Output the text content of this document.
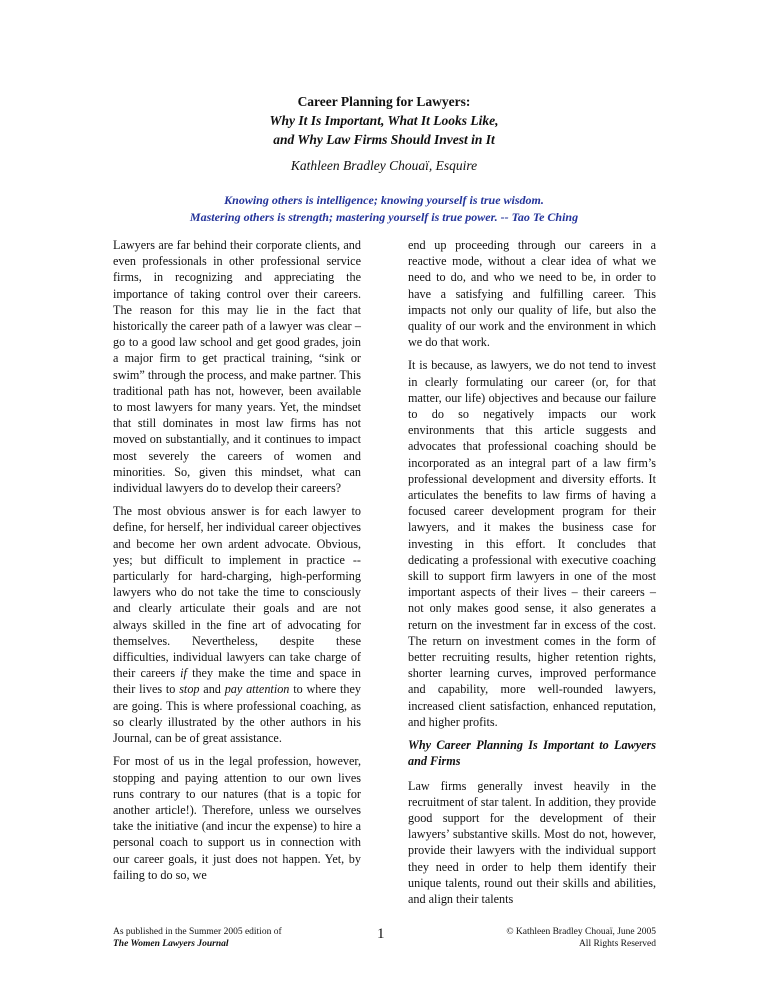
Career Planning for Lawyers:
Why It Is Important, What It Looks Like,
and Why Law Firms Should Invest in It
Kathleen Bradley Chouaï, Esquire
Knowing others is intelligence; knowing yourself is true wisdom.
Mastering others is strength; mastering yourself is true power. -- Tao Te Ching

Lawyers are far behind their corporate clients, and even professionals in other professional service firms, in recognizing and appreciating the importance of taking control over their careers. The reason for this may lie in the fact that historically the career path of a lawyer was clear – go to a good law school and get good grades, join a major firm to get practical training, “sink or swim” through the process, and make partner. This traditional path has not, however, been available to most lawyers for many years. Yet, the mindset that still dominates in most law firms has not moved on substantially, and it continues to impact most severely the careers of women and minorities. So, given this mindset, what can individual lawyers do to develop their careers?

The most obvious answer is for each lawyer to define, for herself, her individual career objectives and become her own ardent advocate. Obvious, yes; but difficult to implement in practice -- particularly for hard-charging, high-performing lawyers who do not take the time to consciously and clearly articulate their goals and are not always skilled in the fine art of advocating for themselves. Nevertheless, despite these difficulties, individual lawyers can take charge of their careers if they make the time and space in their lives to stop and pay attention to where they are going. This is where professional coaching, as so clearly illustrated by the other authors in his Journal, can be of great assistance.

For most of us in the legal profession, however, stopping and paying attention to our own lives runs contrary to our natures (that is a topic for another article!). Therefore, unless we ourselves take the initiative (and incur the expense) to hire a personal coach to support us in connection with our career goals, it just does not happen. Yet, by failing to do so, we

end up proceeding through our careers in a reactive mode, without a clear idea of what we need to do, and who we need to be, in order to have a satisfying and fulfilling career. This impacts not only our quality of life, but also the quality of our work and the environment in which we do that work.

It is because, as lawyers, we do not tend to invest in clearly formulating our career (or, for that matter, our life) objectives and because our failure to do so negatively impacts our work environments that this article suggests and advocates that professional coaching should be incorporated as an integral part of a law firm’s professional development and diversity efforts. It articulates the benefits to law firms of having a focused career development program for their lawyers, and it makes the business case for investing in this effort. It concludes that dedicating a professional with executive coaching skill to support firm lawyers in one of the most important aspects of their lives – their careers – not only makes good sense, it also generates a return on the investment far in excess of the cost. The return on investment comes in the form of better recruiting results, higher retention rights, shorter learning curves, improved performance and capability, more well-rounded lawyers, increased client satisfaction, enhanced reputation, and higher profits.

Why Career Planning Is Important to Lawyers and Firms

Law firms generally invest heavily in the recruitment of star talent. In addition, they provide good support for the development of their lawyers’ substantive skills. Most do not, however, provide their lawyers with the individual support they need in order to help them identify their unique talents, round out their skills and abilities, and align their talents

As published in the Summer 2005 edition of
The Women Lawyers Journal
1	© Kathleen Bradley Chouaï, June 2005
All Rights Reserved
